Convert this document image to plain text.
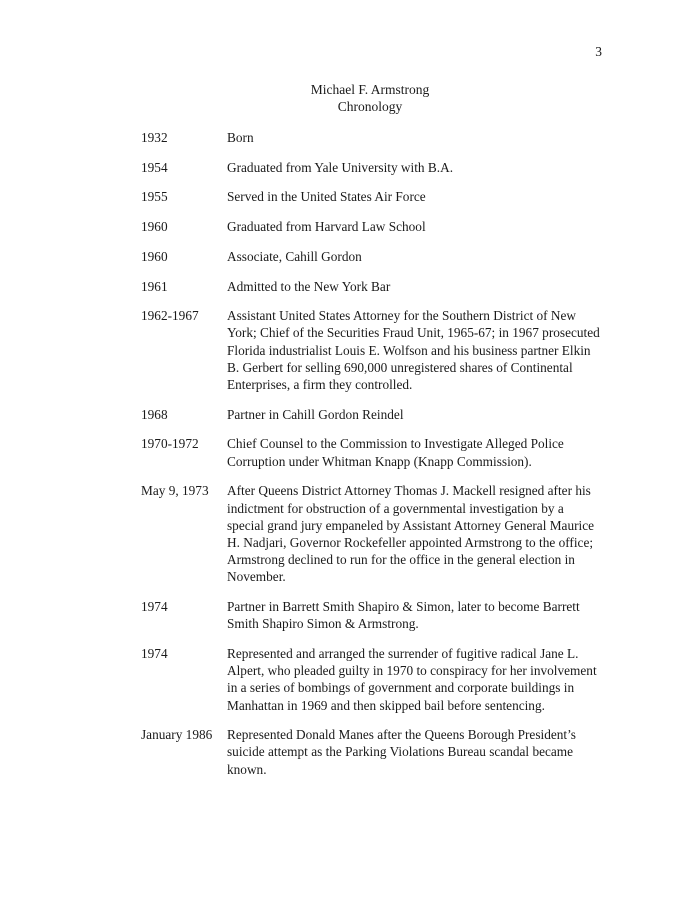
3
Michael F. Armstrong
Chronology
1932	Born
1954	Graduated from Yale University with B.A.
1955	Served in the United States Air Force
1960	Graduated from Harvard Law School
1960	Associate, Cahill Gordon
1961	Admitted to the New York Bar
1962-1967	Assistant United States Attorney for the Southern District of New York; Chief of the Securities Fraud Unit, 1965-67; in 1967 prosecuted Florida industrialist Louis E. Wolfson and his business partner Elkin B. Gerbert for selling 690,000 unregistered shares of Continental Enterprises, a firm they controlled.
1968	Partner in Cahill Gordon Reindel
1970-1972	Chief Counsel to the Commission to Investigate Alleged Police Corruption under Whitman Knapp (Knapp Commission).
May 9, 1973	After Queens District Attorney Thomas J. Mackell resigned after his indictment for obstruction of a governmental investigation by a special grand jury empaneled by Assistant Attorney General Maurice H. Nadjari, Governor Rockefeller appointed Armstrong to the office; Armstrong declined to run for the office in the general election in November.
1974	Partner in Barrett Smith Shapiro & Simon, later to become Barrett Smith Shapiro Simon & Armstrong.
1974	Represented and arranged the surrender of fugitive radical Jane L. Alpert, who pleaded guilty in 1970 to conspiracy for her involvement in a series of bombings of government and corporate buildings in Manhattan in 1969 and then skipped bail before sentencing.
January 1986	Represented Donald Manes after the Queens Borough President’s suicide attempt as the Parking Violations Bureau scandal became known.
